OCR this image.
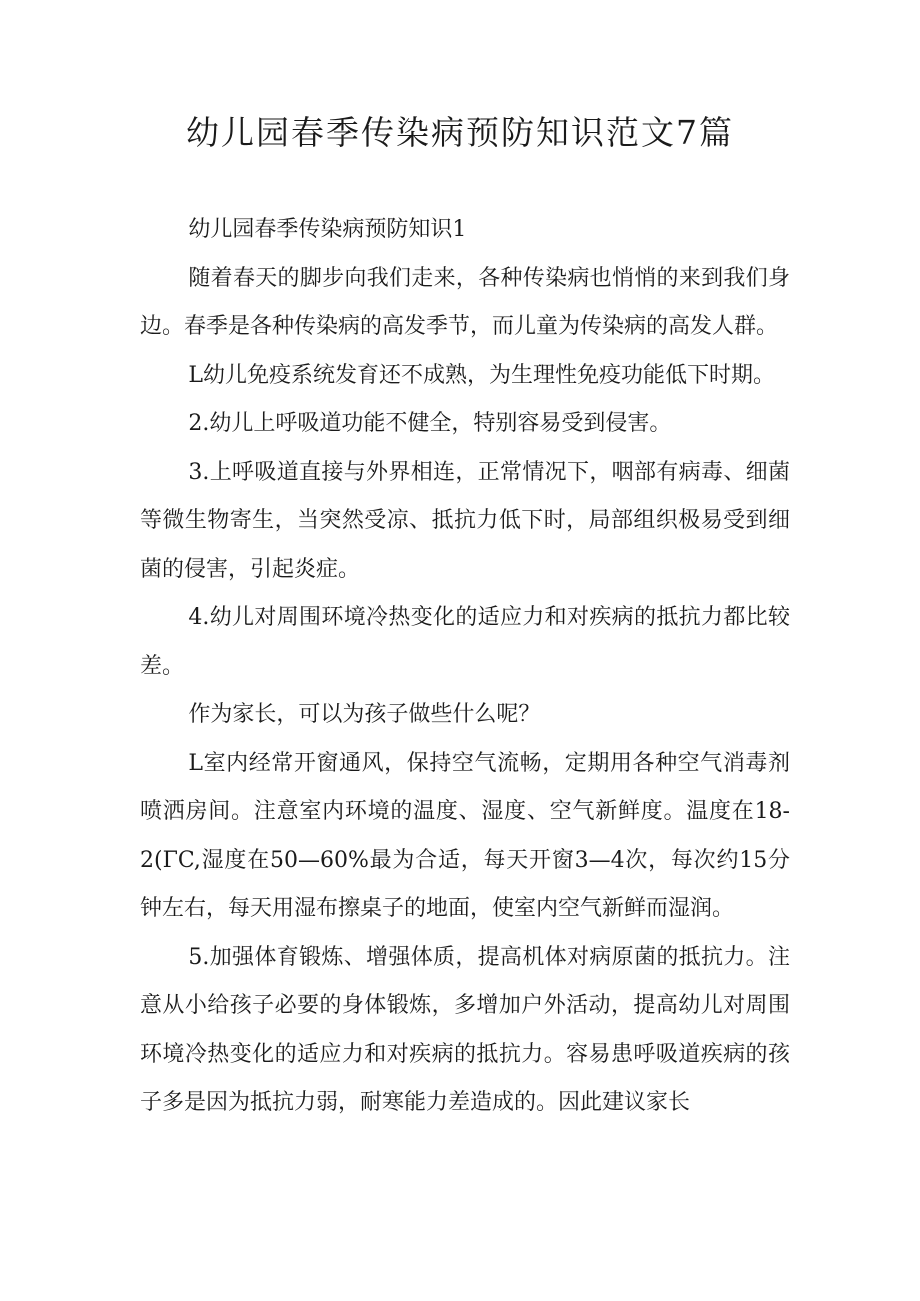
幼儿园春季传染病预防知识范文7篇

幼儿园春季传染病预防知识1

随着春天的脚步向我们走来，各种传染病也悄悄的来到我们身边。春季是各种传染病的高发季节，而儿童为传染病的高发人群。

L幼儿免疫系统发育还不成熟，为生理性免疫功能低下时期。

2.幼儿上呼吸道功能不健全，特别容易受到侵害。

3.上呼吸道直接与外界相连，正常情况下，咽部有病毒、细菌等微生物寄生，当突然受凉、抵抗力低下时，局部组织极易受到细菌的侵害，引起炎症。

4.幼儿对周围环境冷热变化的适应力和对疾病的抵抗力都比较差。

作为家长，可以为孩子做些什么呢？

L室内经常开窗通风，保持空气流畅，定期用各种空气消毒剂喷洒房间。注意室内环境的温度、湿度、空气新鲜度。温度在18-2(ΓC,湿度在50—60%最为合适，每天开窗3—4次，每次约15分钟左右，每天用湿布擦桌子的地面，使室内空气新鲜而湿润。

5.加强体育锻炼、增强体质，提高机体对病原菌的抵抗力。注意从小给孩子必要的身体锻炼，多增加户外活动，提高幼儿对周围环境冷热变化的适应力和对疾病的抵抗力。容易患呼吸道疾病的孩子多是因为抵抗力弱，耐寒能力差造成的。因此建议家长
